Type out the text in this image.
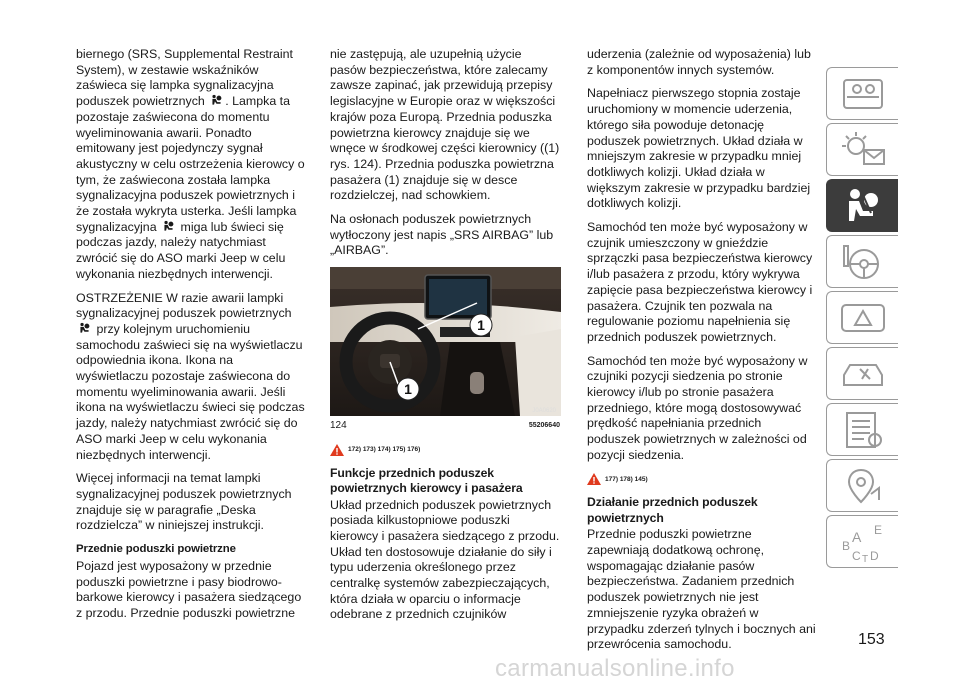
biernego (SRS, Supplemental Restraint System), w zestawie wskaźników zaświeca się lampka sygnalizacyjna poduszek powietrznych . Lampka ta pozostaje zaświecona do momentu wyeliminowania awarii. Ponadto emitowany jest pojedynczy sygnał akustyczny w celu ostrzeżenia kierowcy o tym, że zaświecona została lampka sygnalizacyjna poduszek powietrznych i że została wykryta usterka. Jeśli lampka sygnalizacyjna miga lub świeci się podczas jazdy, należy natychmiast zwrócić się do ASO marki Jeep w celu wykonania niezbędnych interwencji.

OSTRZEŻENIE W razie awarii lampki sygnalizacyjnej poduszek powietrznych  przy kolejnym uruchomieniu samochodu zaświeci się na wyświetlaczu odpowiednia ikona. Ikona na wyświetlaczu pozostaje zaświecona do momentu wyeliminowania awarii. Jeśli ikona na wyświetlaczu świeci się podczas jazdy, należy natychmiast zwrócić się do ASO marki Jeep w celu wykonania niezbędnych interwencji.

Więcej informacji na temat lampki sygnalizacyjnej poduszek powietrznych znajduje się w paragrafie „Deska rozdzielcza” w niniejszej instrukcji.

Przednie poduszki powietrzne

Pojazd jest wyposażony w przednie poduszki powietrzne i pasy biodrowo-barkowe kierowcy i pasażera siedzącego z przodu. Przednie poduszki powietrzne

nie zastępują, ale uzupełnią użycie pasów bezpieczeństwa, które zalecamy zawsze zapinać, jak przewidują przepisy legislacyjne w Europie oraz w większości krajów poza Europą. Przednia poduszka powietrzna kierowcy znajduje się we wnęce w środkowej części kierownicy ((1) rys. 124). Przednia poduszka powietrzna pasażera (1) znajduje się w desce rozdzielczej, nad schowkiem.

Na osłonach poduszek powietrznych wytłoczony jest napis „SRS AIRBAG” lub „AIRBAG”.

1
1
J0A0620
124	55206640
172) 173) 174) 175) 176)
Funkcje przednich poduszek powietrznych kierowcy i pasażera

Układ przednich poduszek powietrznych posiada kilkustopniowe poduszki kierowcy i pasażera siedzącego z przodu. Układ ten dostosowuje działanie do siły i typu uderzenia określonego przez centralkę systemów zabezpieczających, która działa w oparciu o informacje odebrane z przednich czujników

uderzenia (zależnie od wyposażenia) lub z komponentów innych systemów.

Napełniacz pierwszego stopnia zostaje uruchomiony w momencie uderzenia, którego siła powoduje detonację poduszek powietrznych. Układ działa w mniejszym zakresie w przypadku mniej dotkliwych kolizji. Układ działa w większym zakresie w przypadku bardziej dotkliwych kolizji.

Samochód ten może być wyposażony w czujnik umieszczony w gnieździe sprzączki pasa bezpieczeństwa kierowcy i/lub pasażera z przodu, który wykrywa zapięcie pasa bezpieczeństwa kierowcy i pasażera. Czujnik ten pozwala na regulowanie poziomu napełnienia się przednich poduszek powietrznych.

Samochód ten może być wyposażony w czujniki pozycji siedzenia po stronie kierowcy i/lub po stronie pasażera przedniego, które mogą dostosowywać prędkość napełniania przednich poduszek powietrznych w zależności od pozycji siedzenia.

177) 178) 145)
Działanie przednich poduszek powietrznych

Przednie poduszki powietrzne zapewniają dodatkową ochronę, wspomagając działanie pasów bezpieczeństwa. Zadaniem przednich poduszek powietrznych nie jest zmniejszenie ryzyka obrażeń w przypadku zderzeń tylnych i bocznych ani przewrócenia samochodu.

A
B
C D
E
T
153
carmanualsonline.info
